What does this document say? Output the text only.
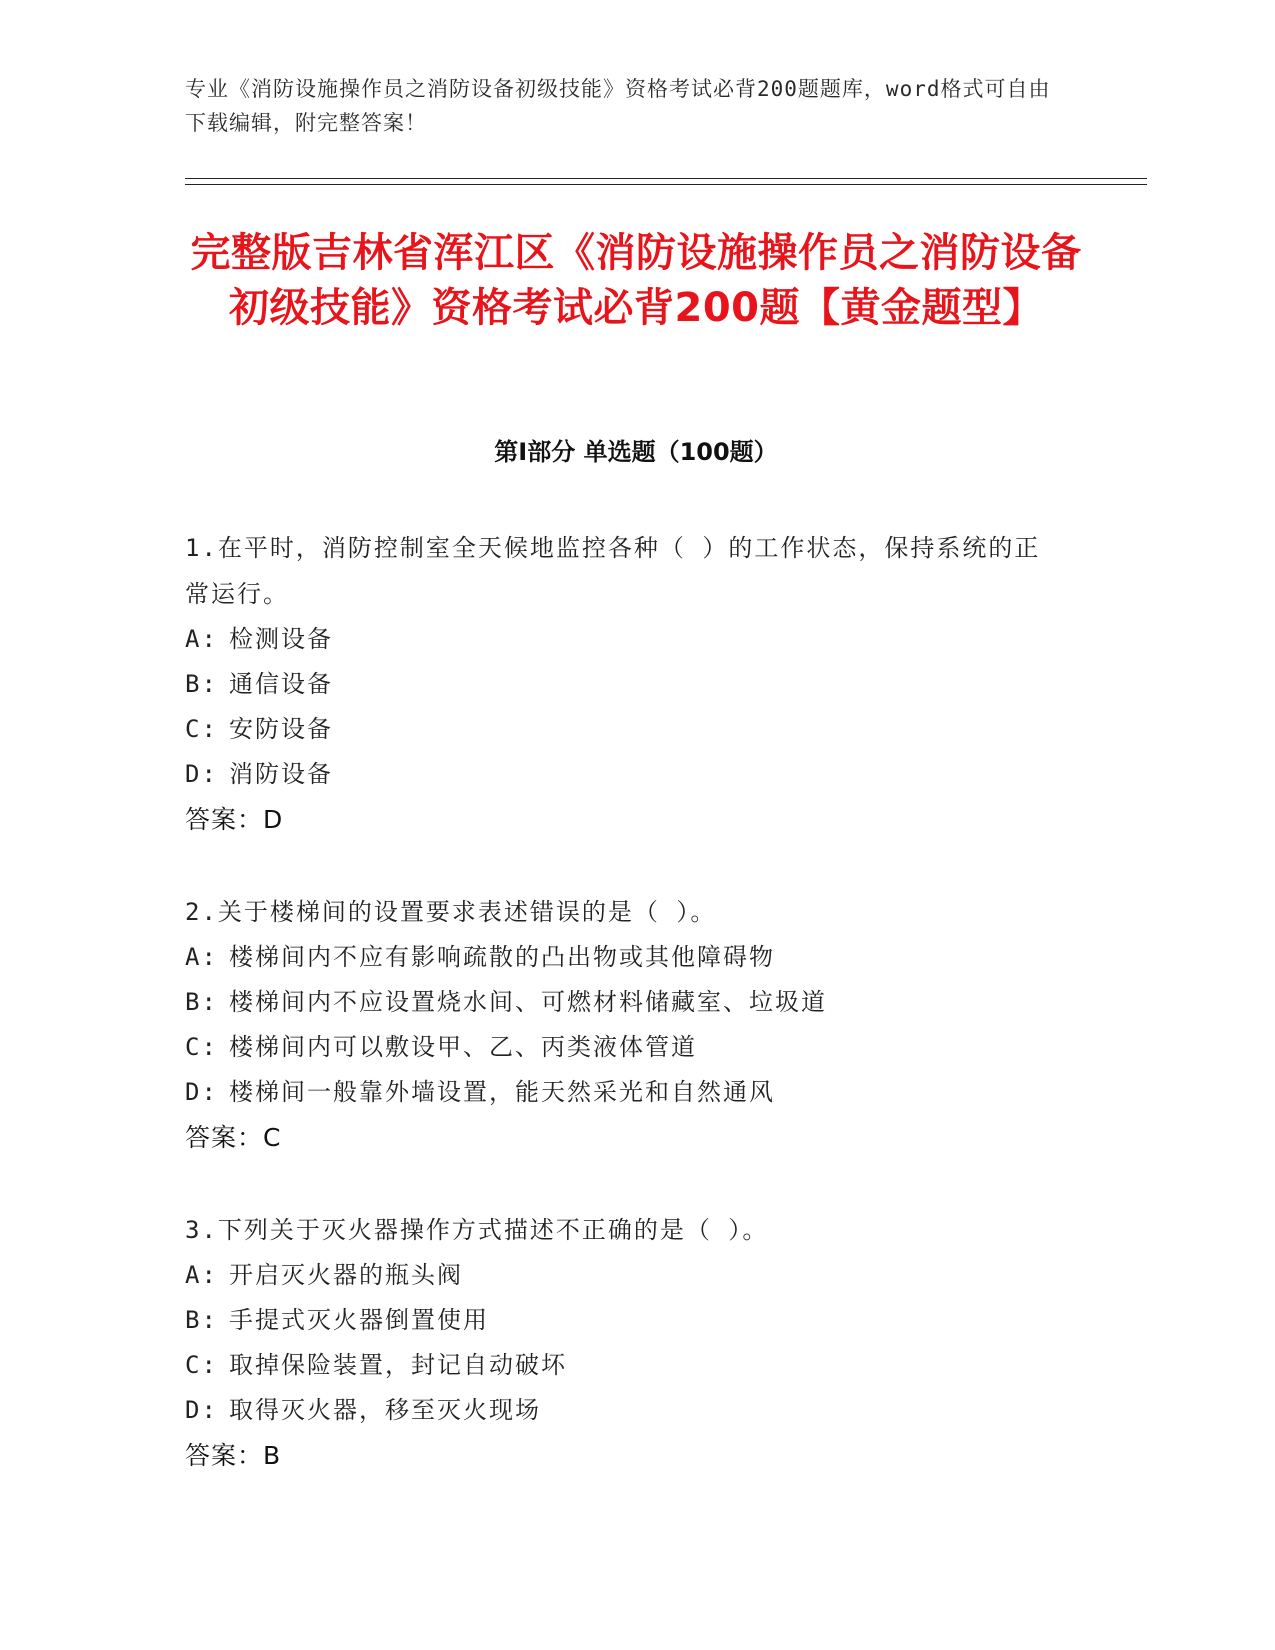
专业《消防设施操作员之消防设备初级技能》资格考试必背200题题库，word格式可自由下载编辑，附完整答案！
完整版吉林省浑江区《消防设施操作员之消防设备初级技能》资格考试必背200题【黄金题型】
第Ⅰ部分 单选题（100题）

1.在平时，消防控制室全天候地监控各种（ ）的工作状态，保持系统的正常运行。

A: 检测设备

B: 通信设备

C: 安防设备

D: 消防设备

答案：D

2.关于楼梯间的设置要求表述错误的是（ ）。

A: 楼梯间内不应有影响疏散的凸出物或其他障碍物

B: 楼梯间内不应设置烧水间、可燃材料储藏室、垃圾道

C: 楼梯间内可以敷设甲、乙、丙类液体管道

D: 楼梯间一般靠外墙设置，能天然采光和自然通风

答案：C

3.下列关于灭火器操作方式描述不正确的是（ ）。

A: 开启灭火器的瓶头阀

B: 手提式灭火器倒置使用

C: 取掉保险装置，封记自动破坏

D: 取得灭火器，移至灭火现场

答案：B
